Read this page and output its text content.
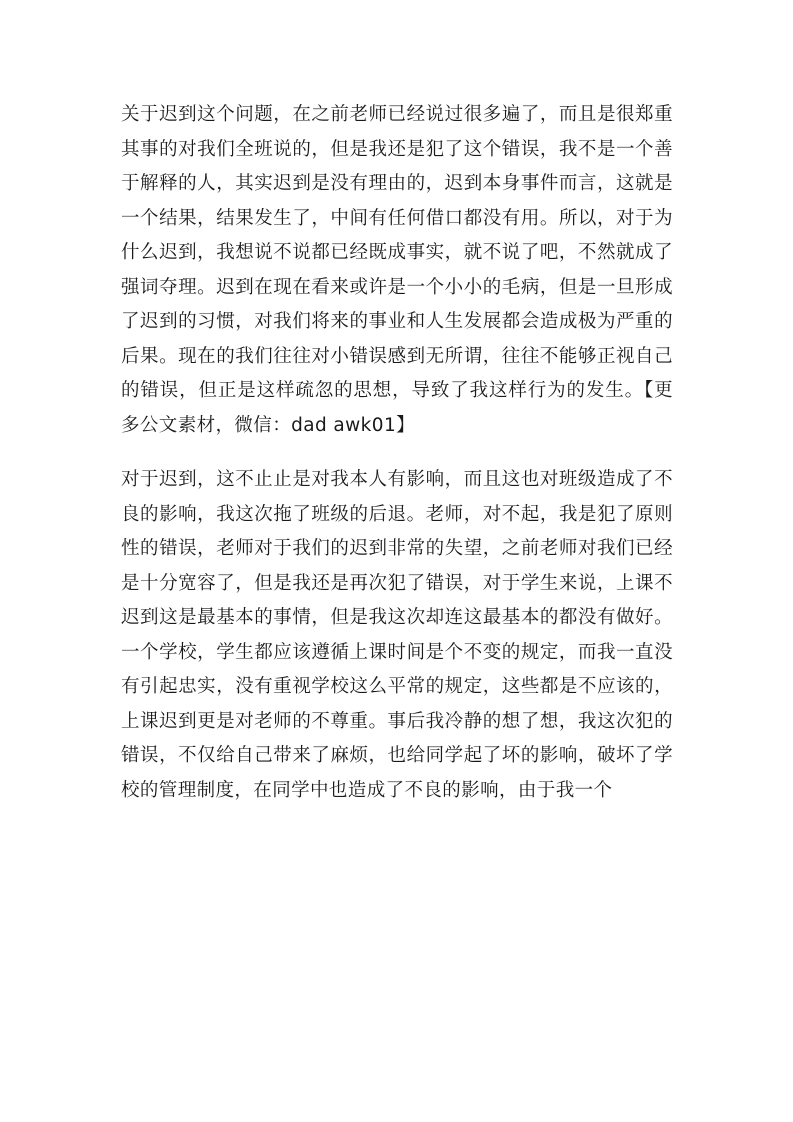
关于迟到这个问题，在之前老师已经说过很多遍了，而且是很郑重其事的对我们全班说的，但是我还是犯了这个错误，我不是一个善于解释的人，其实迟到是没有理由的，迟到本身事件而言，这就是一个结果，结果发生了，中间有任何借口都没有用。所以，对于为什么迟到，我想说不说都已经既成事实，就不说了吧，不然就成了强词夺理。迟到在现在看来或许是一个小小的毛病，但是一旦形成了迟到的习惯，对我们将来的事业和人生发展都会造成极为严重的后果。现在的我们往往对小错误感到无所谓，往往不能够正视自己的错误，但正是这样疏忽的思想，导致了我这样行为的发生。【更多公文素材，微信：dad awk01】

对于迟到，这不止止是对我本人有影响，而且这也对班级造成了不良的影响，我这次拖了班级的后退。老师，对不起，我是犯了原则性的错误，老师对于我们的迟到非常的失望，之前老师对我们已经是十分宽容了，但是我还是再次犯了错误，对于学生来说，上课不迟到这是最基本的事情，但是我这次却连这最基本的都没有做好。一个学校，学生都应该遵循上课时间是个不变的规定，而我一直没有引起忠实，没有重视学校这么平常的规定，这些都是不应该的，上课迟到更是对老师的不尊重。事后我冷静的想了想，我这次犯的错误，不仅给自己带来了麻烦，也给同学起了坏的影响，破坏了学校的管理制度，在同学中也造成了不良的影响，由于我一个
